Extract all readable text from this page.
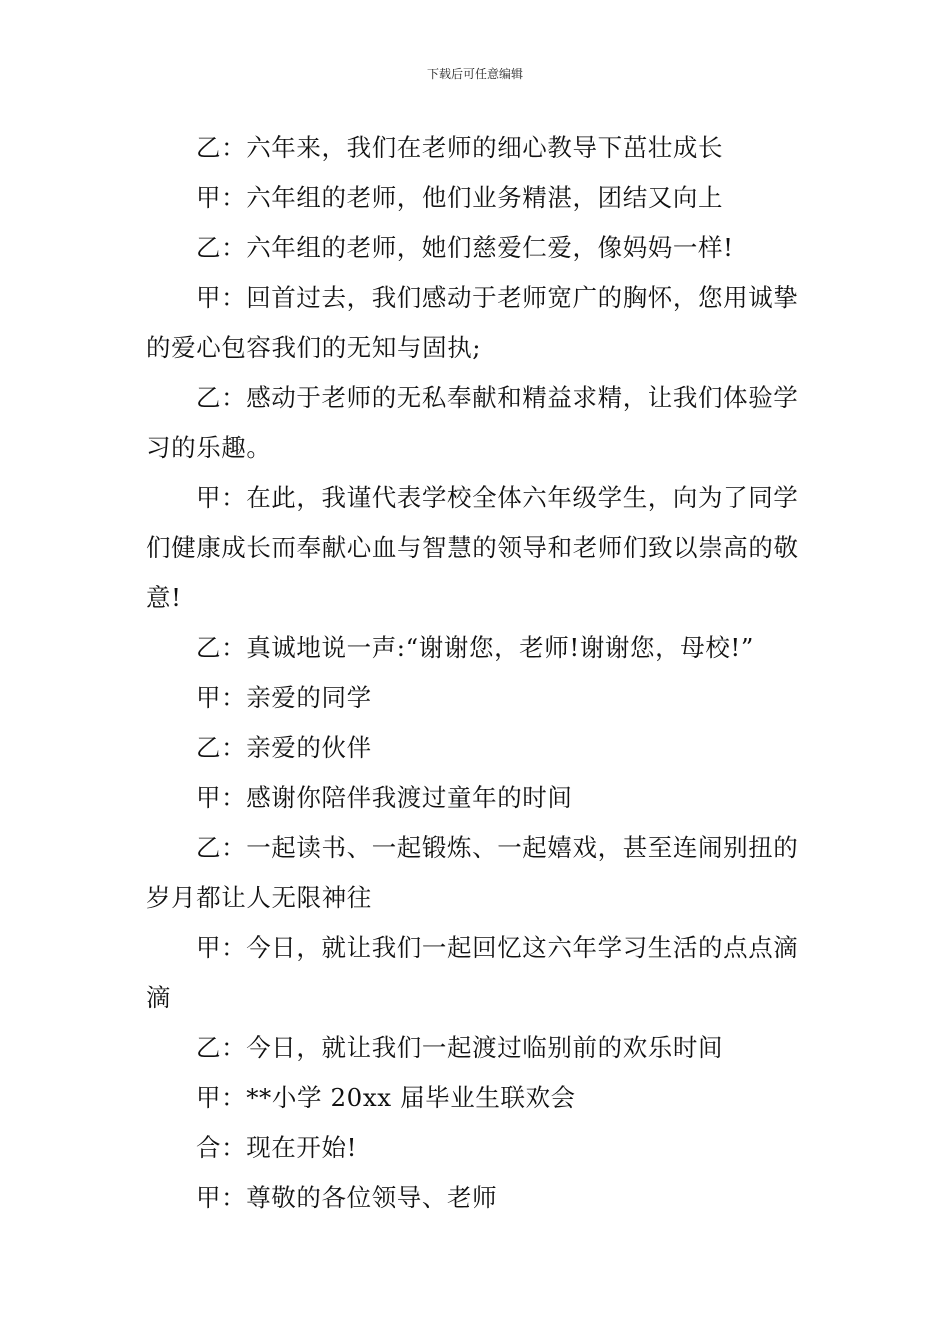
下载后可任意编辑

乙：六年来，我们在老师的细心教导下茁壮成长

甲：六年组的老师，他们业务精湛，团结又向上

乙：六年组的老师，她们慈爱仁爱，像妈妈一样!

甲：回首过去，我们感动于老师宽广的胸怀，您用诚挚的爱心包容我们的无知与固执;

乙：感动于老师的无私奉献和精益求精，让我们体验学习的乐趣。

甲：在此，我谨代表学校全体六年级学生，向为了同学们健康成长而奉献心血与智慧的领导和老师们致以崇高的敬意!

乙：真诚地说一声:“谢谢您，老师!谢谢您，母校!”

甲：亲爱的同学

乙：亲爱的伙伴

甲：感谢你陪伴我渡过童年的时间

乙：一起读书、一起锻炼、一起嬉戏，甚至连闹别扭的岁月都让人无限神往

甲：今日，就让我们一起回忆这六年学习生活的点点滴滴

乙：今日，就让我们一起渡过临别前的欢乐时间

甲：**小学 20xx 届毕业生联欢会

合：现在开始!

甲：尊敬的各位领导、老师
